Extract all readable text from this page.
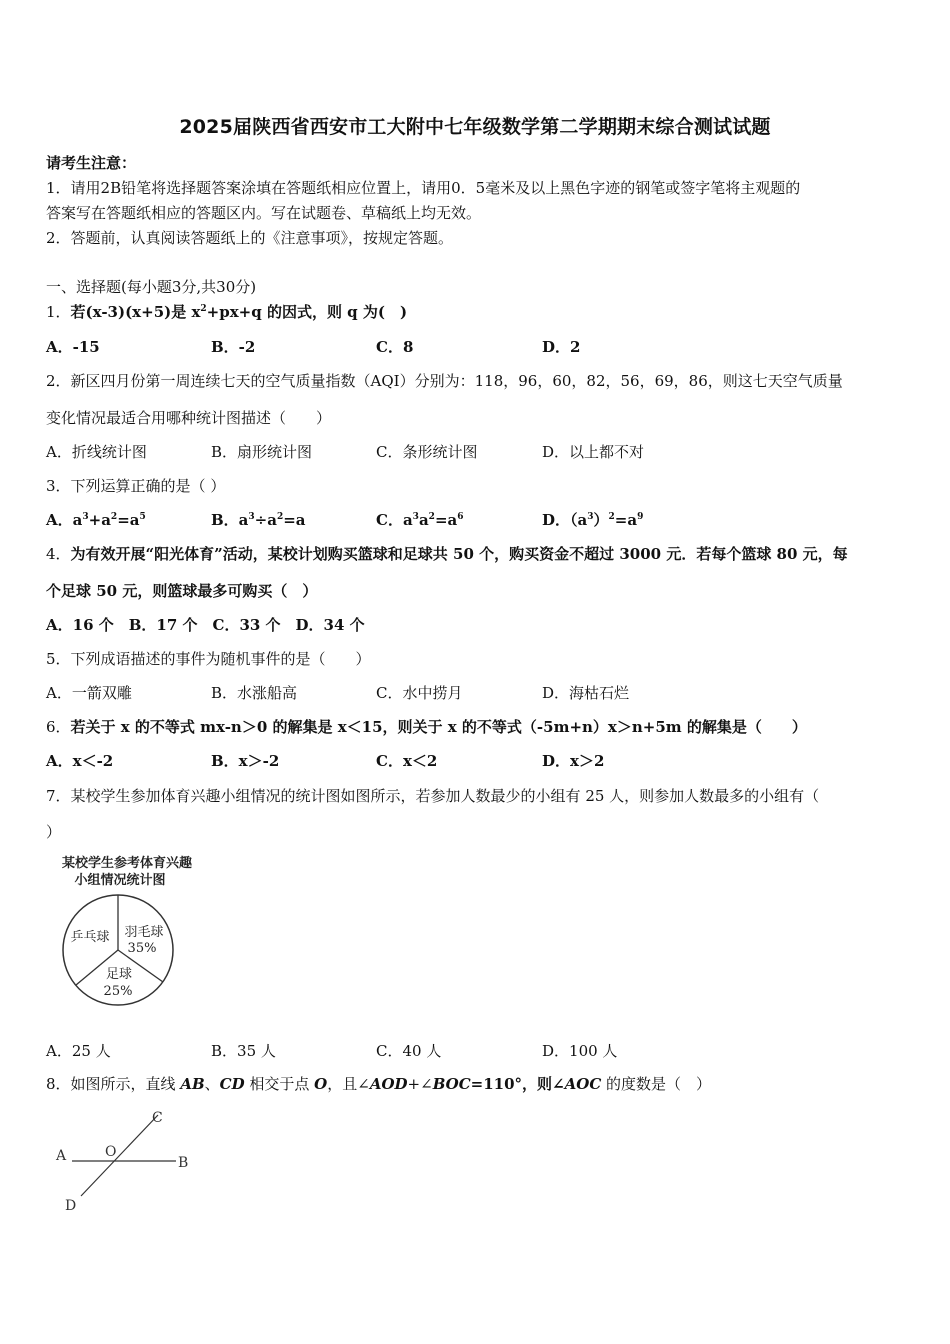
2025届陕西省西安市工大附中七年级数学第二学期期末综合测试试题
请考生注意：
1．请用2B铅笔将选择题答案涂填在答题纸相应位置上，请用0．5毫米及以上黑色字迹的钢笔或签字笔将主观题的
答案写在答题纸相应的答题区内。写在试题卷、草稿纸上均无效。
2．答题前，认真阅读答题纸上的《注意事项》，按规定答题。
一、选择题(每小题3分,共30分)
1．若(x-3)(x+5)是 $x^2+px+q$ 的因式，则 q 为(　)
A．-15	B．-2	C．8	D．2
2．新区四月份第一周连续七天的空气质量指数（AQI）分别为：118，96，60，82，56，69，86，则这七天空气质量
变化情况最适合用哪种统计图描述（　　）
A．折线统计图	B．扇形统计图	C．条形统计图	D．以上都不对
3．下列运算正确的是（ ）
A．$a^3+a^2=a^5$	B．$a^3\div a^2=a$	C．$a^3a^2=a^6$	D．$(a^3)^2=a^9$
4．为有效开展“阳光体育”活动，某校计划购买篮球和足球共 50 个，购买资金不超过 3000 元．若每个篮球 80 元，每
个足球 50 元，则篮球最多可购买（　）
A．16 个　B．17 个　C．33 个　D．34 个
5．下列成语描述的事件为随机事件的是（　　）
A．一箭双雕	B．水涨船高	C．水中捞月	D．海枯石烂
6．若关于 x 的不等式 mx-n＞0 的解集是 x＜15，则关于 x 的不等式（-5m+n）x＞n+5m 的解集是（　　）
A．x＜-2	B．x＞-2	C．x＜2	D．x＞2
7．某校学生参加体育兴趣小组情况的统计图如图所示，若参加人数最少的小组有 25 人，则参加人数最多的小组有（
）
某校学生参考体育兴趣
小组情况统计图
乒乓球 羽毛球
35%
足球
25%
A．25 人	B．35 人	C．40 人	D．100 人
8．如图所示，直线 AB、CD 相交于点 O，且∠AOD+∠BOC=110°，则∠AOC 的度数是（　）
A	B
C
D
O
